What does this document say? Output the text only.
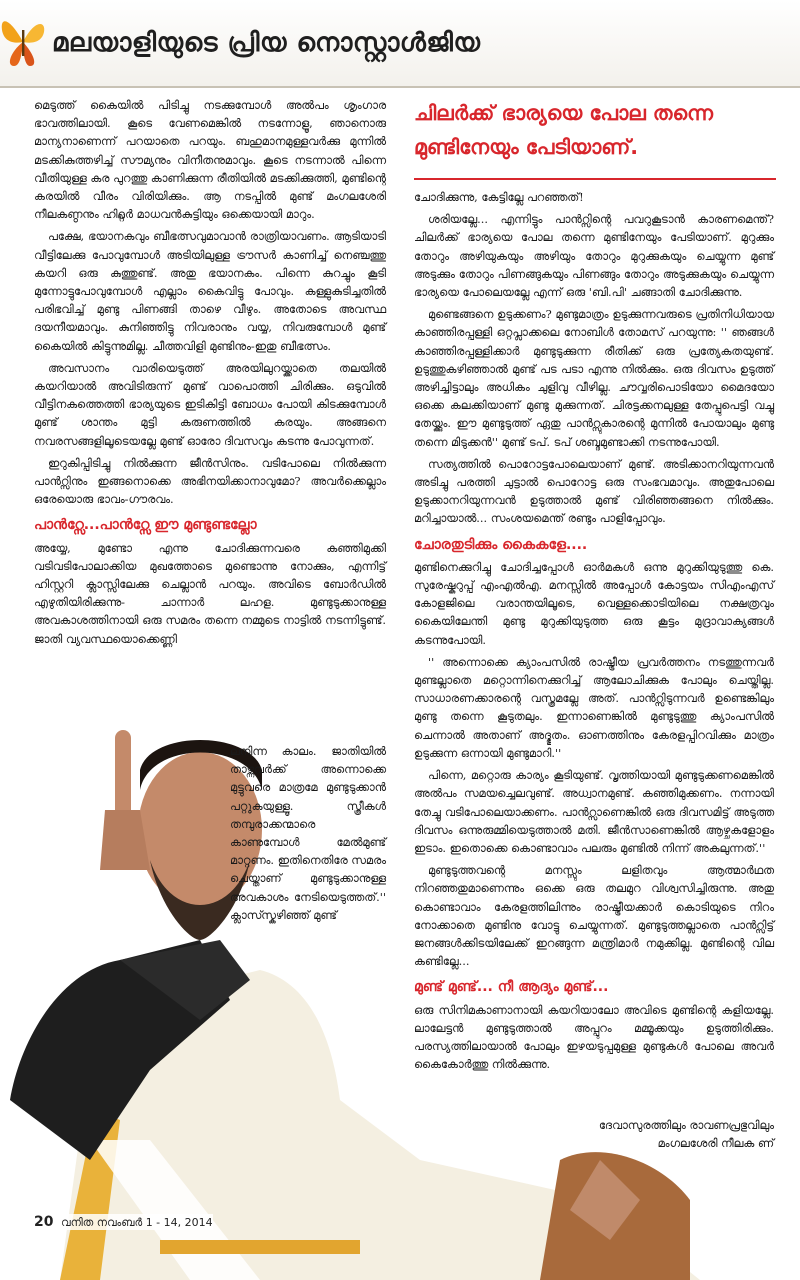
മലയാളിയുടെ പ്രിയ നൊസ്റ്റാൾജിയ

മെടുത്ത് കൈയിൽ പിടിച്ചു നടക്കുമ്പോൾ അൽപം ശൃംഗാര ഭാവത്തിലായി. കൂടെ വേണമെങ്കിൽ നടന്നോളൂ, ഞാനൊരു മാന്യനാണെന്ന് പറയാതെ പറയും. ബഹുമാനമുള്ളവർക്കു മുന്നിൽ മടക്കികുത്തഴിച്ച് സൗമ്യനും വിനീതനുമാവും. കൂടെ നടന്നാൽ പിന്നെ വീതിയുള്ള കര പുറത്തു കാണിക്കുന്ന രീതിയിൽ മടക്കിക്കുത്തി, മുണ്ടിന്റെ കരയിൽ വീരം വിരിയിക്കും. ആ നടപ്പിൽ മുണ്ട് മംഗലശേരി നീലകണ്ഠനും ഹിറ്റ്ലർ മാധവൻകുട്ടിയും ഒക്കെയായി മാറും.

പക്ഷേ, ഭയാനകവും ബീഭത്സവുമാവാൻ രാത്രിയാവണം. ആടിയാടി വീട്ടിലേക്കു പോവുമ്പോൾ അടിയിലുള്ള ട്രൗസർ കാണിച്ച് നെഞ്ചത്തു കയറി ഒരു കുത്തുണ്ട്. അതു ഭയാനകം. പിന്നെ കുറച്ചും കൂടി മുന്നോട്ടുപോവുമ്പോൾ എല്ലാം കൈവിട്ടു പോവും. കള്ളുകുടിച്ചതിൽ പരിഭവിച്ച് മുണ്ടു പിണങ്ങി താഴെ വീഴും. അതോടെ അവസ്ഥ ദയനീയമാവും. കുനിഞ്ഞിട്ടു നിവരാനും വയ്യ, നിവരുമ്പോൾ മുണ്ട് കൈയിൽ കിട്ടുന്നുമില്ല. ചീത്തവിളി മുണ്ടിനും-ഇതു ബീഭത്സം.

അവസാനം വാരിയെടുത്ത് അരയിലുറയ്ക്കാതെ തലയിൽ കയറിയാൽ അവിടിരുന്ന് മുണ്ട് വാപൊത്തി ചിരിക്കും. ഒടുവിൽ വീട്ടിനകത്തെത്തി ഭാര്യയുടെ ഇടികിട്ടി ബോധം പോയി കിടക്കുമ്പോൾ മുണ്ട് ശാന്തം മുട്ടി കരുണത്തിൽ കരയും. അങ്ങനെ നവരസങ്ങളിലൂടെയല്ലേ മുണ്ട് ഓരോ ദിവസവും കടന്നു പോവുന്നത്.

ഇറുകിപ്പിടിച്ചു നിൽക്കുന്ന ജീൻസിനും. വടിപോലെ നിൽക്കുന്ന പാൻറ്സിനും ഇങ്ങനൊക്കെ അഭിനയിക്കാനാവുമോ? അവർക്കെല്ലാം ഒരേയൊരു ഭാവം-ഗൗരവം.

പാൻറ്സേ...പാൻറ്സേ ഈ മുണ്ടുണ്ടല്ലോ

അയ്യേ, മുണ്ടോ എന്നു ചോദിക്കുന്നവരെ കഞ്ഞിമുക്കി വടിവടിപോലാക്കിയ മുഖത്തോടെ മുണ്ടൊന്നു നോക്കും, എന്നിട്ട് ഹിസ്റ്ററി ക്ലാസ്സിലേക്കു ചെല്ലാൻ പറയും. അവിടെ ബോർഡിൽ എഴുതിയിരിക്കുന്നു- ചാന്നാർ ലഹള. മുണ്ടുടുക്കാനുള്ള അവകാശത്തിനായി ഒരു സമരം തന്നെ നമ്മുടെ നാട്ടിൽ നടന്നിട്ടുണ്ട്. ജാതി വ്യവസ്ഥയൊക്കെണ്ണി

ലനിന്ന കാലം. ജാതിയിൽ താഴ്ന്നവർക്ക് അന്നൊക്കെ മുട്ടുവരെ മാത്രമേ മുണ്ടുടുക്കാൻ പറ്റുകയുള്ളൂ. സ്ത്രീകൾ തമ്പുരാക്കന്മാരെ കാണുമ്പോൾ മേൽമുണ്ട് മാറ്റണം. ഇതിനെതിരേ സമരം ചെയ്താണ് മുണ്ടുടുക്കാനുള്ള അവകാശം നേടിയെടുത്തത്.'' ക്ലാസ്സ്കഴിഞ്ഞ് മുണ്ട്
ചിലർക്ക് ഭാര്യയെ പോല തന്നെ
മുണ്ടിനേയും പേടിയാണ്.

ചോദിക്കുന്നു, കേട്ടില്ലേ പറഞ്ഞത്!

ശരിയല്ലേ... എന്നിട്ടും പാൻറ്സിന്റെ പവറുകൂടാൻ കാരണമെന്ത്? ചിലർക്ക് ഭാര്യയെ പോല തന്നെ മുണ്ടിനേയും പേടിയാണ്. മുറുക്കും തോറും അഴിയുകയും അഴിയും തോറും മുറുക്കുകയും ചെയ്യുന്ന മുണ്ട് അടുക്കും തോറും പിണങ്ങുകയും പിണങ്ങും തോറും അടുക്കുകയും ചെയ്യുന്ന ഭാര്യയെ പോലെയല്ലേ എന്ന് ഒരു 'ബി.പി' ചങ്ങാതി ചോദിക്കുന്നു.

മുണ്ടെങ്ങനെ ഉടുക്കണം? മുണ്ടുമാത്രം ഉടുക്കുന്നവരുടെ പ്രതിനിധിയായ കാഞ്ഞിരപ്പള്ളി ഒറ്റപ്ലാക്കലെ നോബിൾ തോമസ് പറയുന്നു: '' ഞങ്ങൾ കാഞ്ഞിരപ്പള്ളിക്കാർ മുണ്ടുടുക്കുന്ന രീതിക്ക് ഒരു പ്രത്യേകതയുണ്ട്. ഉടുത്തുകഴിഞ്ഞാൽ മുണ്ട് പട പടാ എന്നു നിൽക്കും. ഒരു ദിവസം ഉടുത്ത് അഴിച്ചിട്ടാലും അധികം ചുളിവു വീഴില്ല. ചൗവ്വരിപൊടിയോ മൈദയോ ഒക്കെ കലക്കിയാണ് മുണ്ടു മുക്കുന്നത്. ചിരട്ടക്കനലുള്ള തേപ്പുപെട്ടി വച്ചു തേയ്ക്കും. ഈ മുണ്ടുടുത്ത് ഏതു പാൻറ്സുകാരന്റെ മുന്നിൽ പോയാലും മുണ്ടു തന്നെ മിടുക്കൻ'' മുണ്ട് ടപ്. ടപ് ശബ്ദമുണ്ടാക്കി നടന്നുപോയി.

സത്യത്തിൽ പൊറോട്ടപോലെയാണ് മുണ്ട്. അടിക്കാനറിയുന്നവൻ അടിച്ചു പരത്തി ചുട്ടാൽ പൊറോട്ട ഒരു സംഭവമാവും. അതുപോലെ ഉടുക്കാനറിയുന്നവൻ ഉടുത്താൽ മുണ്ട് വിരിഞ്ഞങ്ങനെ നിൽക്കും. മറിച്ചായാൽ... സംശയമെന്ത് രണ്ടും പാളിപ്പോവും.

ചോരതുടിക്കും കൈകളേ....

മുണ്ടിനെക്കുറിച്ചു ചോദിച്ചപ്പോൾ ഓർമകൾ ഒന്നു മുറുക്കിയുടുത്തു കെ. സുരേഷ്കുറുപ്പ് എംഎൽഎ. മനസ്സിൽ അപ്പോൾ കോട്ടയം സിഎംഎസ് കോളജിലെ വരാന്തയിലൂടെ, വെള്ളക്കൊടിയിലെ നക്ഷത്രവും കൈയിലേന്തി മുണ്ടു മുറുക്കിയുടുത്ത ഒരു കൂട്ടം മുദ്രാവാക്യങ്ങൾ കടന്നുപോയി.

'' അന്നൊക്കെ ക്യാംപസിൽ രാഷ്ട്രീയ പ്രവർത്തനം നടത്തുന്നവർ മുണ്ടല്ലാതെ മറ്റൊന്നിനെക്കുറിച്ച് ആലോചിക്കുക പോലും ചെയ്തില്ല. സാധാരണക്കാരന്റെ വസ്ത്രമല്ലേ അത്. പാൻറ്സിടുന്നവർ ഉണ്ടെങ്കിലും മുണ്ടു തന്നെ കൂടുതലും. ഇന്നാണെങ്കിൽ മുണ്ടുടുത്തു ക്യാംപസിൽ ചെന്നാൽ അതാണ് അദ്ഭുതം. ഓണത്തിനും കേരളപ്പിറവിക്കും മാത്രം ഉടുക്കുന്ന ഒന്നായി മുണ്ടുമാറി.''

പിന്നെ, മറ്റൊരു കാര്യം കൂടിയുണ്ട്. വൃത്തിയായി മുണ്ടുടുക്കണമെങ്കിൽ അൽപം സമയച്ചെലവുണ്ട്. അധ്വാനമുണ്ട്. കഞ്ഞിമുക്കണം. നന്നായി തേച്ചു വടിപോലെയാക്കണം. പാൻറ്സാണെങ്കിൽ ഒരു ദിവസമിട്ട് അടുത്ത ദിവസം ഒന്നുരുമ്മിയെടുത്താൽ മതി. ജീൻസാണെങ്കിൽ ആഴ്ചകളോളം ഇടാം. ഇതൊക്കെ കൊണ്ടാവാം പലരും മുണ്ടിൽ നിന്ന് അകലുന്നത്.''

മുണ്ടുടുത്തവന്റെ മനസ്സും ലളിതവും ആത്മാർഥത നിറഞ്ഞതുമാണെന്നും ഒക്കെ ഒരു തലമുറ വിശ്വസിച്ചിരുന്നു. അതു കൊണ്ടാവാം കേരളത്തിലിന്നും രാഷ്ട്രീയക്കാർ കൊടിയുടെ നിറം നോക്കാതെ മുണ്ടിനു വോട്ടു ചെയ്യുന്നത്. മുണ്ടുടുത്തല്ലാതെ പാൻറ്സിട്ട് ജനങ്ങൾക്കിടയിലേക്ക് ഇറങ്ങുന്ന മന്ത്രിമാർ നമുക്കില്ല. മുണ്ടിന്റെ വില കണ്ടില്ലേ...

മുണ്ട് മുണ്ട്... നീ ആദ്യം മുണ്ട്...

ഒരു സിനിമകാണാനായി കയറിയാലോ അവിടെ മുണ്ടിന്റെ കളിയല്ലേ. ലാലേട്ടൻ മുണ്ടുടുത്താൽ അപ്പുറം മമ്മൂക്കയും ഉടുത്തിരിക്കും. പരസ്യത്തിലായാൽ പോലും ഇഴയടുപ്പമുള്ള മുണ്ടുകൾ പോലെ അവർ കൈകോർത്തു നിൽക്കുന്നു.

ദേവാസുരത്തിലും രാവണപ്രഭുവിലും മംഗലശേരി നീലക ണ്
20 വനിത നവംബർ 1 - 14, 2014
